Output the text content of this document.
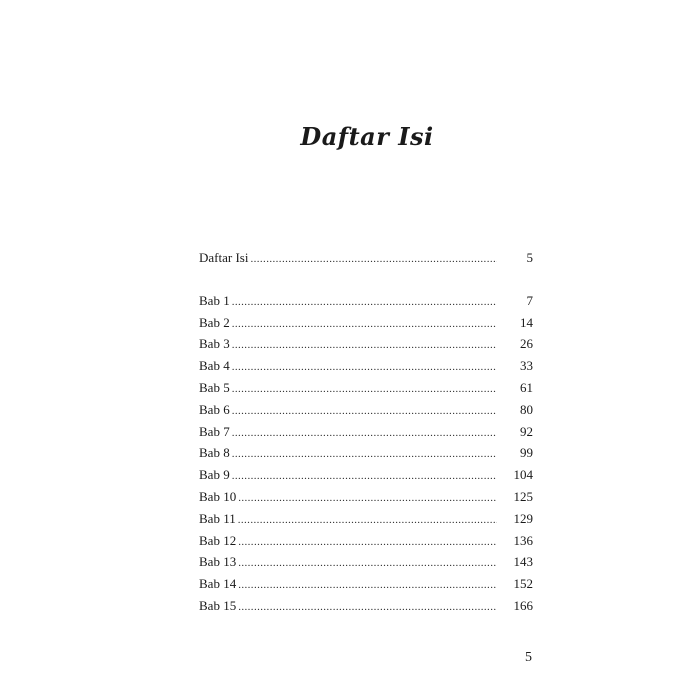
Daftar Isi
Daftar Isi .....	5
Bab 1 .....	7
Bab 2 .....	14
Bab 3 .....	26
Bab 4 .....	33
Bab 5 .....	61
Bab 6 .....	80
Bab 7 .....	92
Bab 8 .....	99
Bab 9 .....	104
Bab 10 .....	125
Bab 11 .....	129
Bab 12 .....	136
Bab 13 .....	143
Bab 14 .....	152
Bab 15 .....	166
5
